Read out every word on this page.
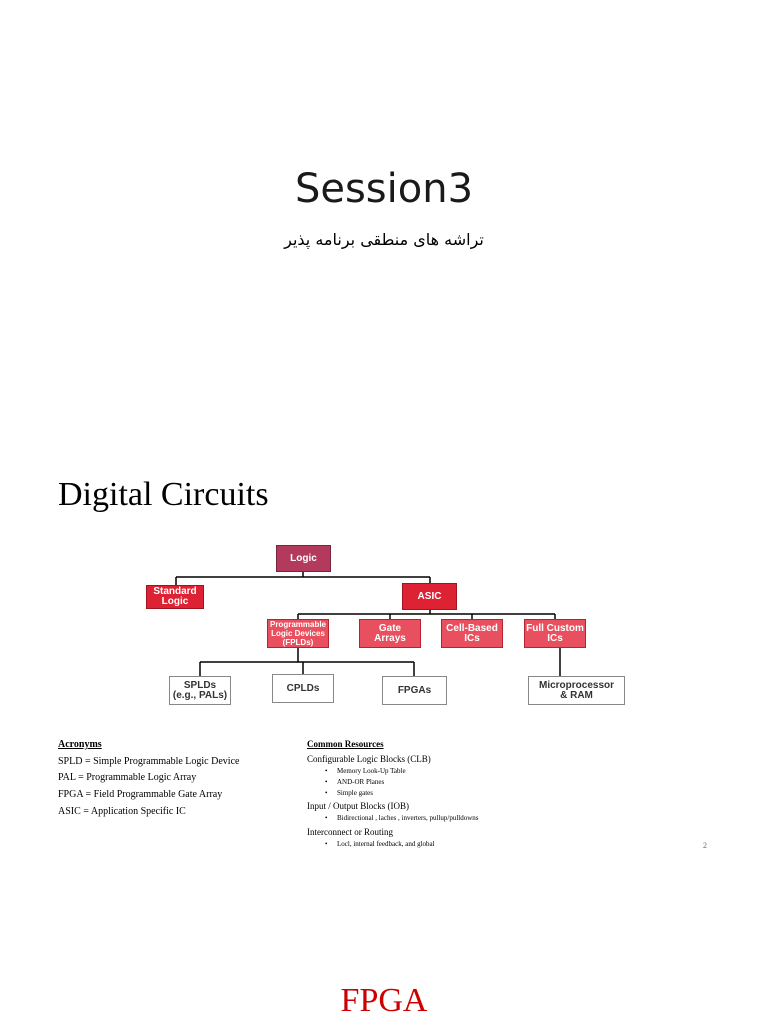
Session3
تراشه های منطقی برنامه پذیر
Digital Circuits
Logic
Standard
Logic	ASIC
Programmable
Logic Devices
(FPLDs)
Gate
Arrays
Cell-Based
ICs
Full Custom
ICs
SPLDs
(e.g., PALs)
CPLDs	FPGAs	Microprocessor
& RAM
Acronyms
SPLD = Simple Programmable Logic Device
PAL = Programmable Logic Array
FPGA = Field Programmable Gate Array
ASIC = Application Specific IC
Common Resources
Configurable Logic Blocks (CLB)
• Memory Look-Up Table
• AND-OR Planes
• Simple gates
Input / Output Blocks (IOB)
• Bidirectional , laches , inverters, pullup/pulldowns
Interconnect or Routing
• Locl, internal feedback, and global	2
FPGA
